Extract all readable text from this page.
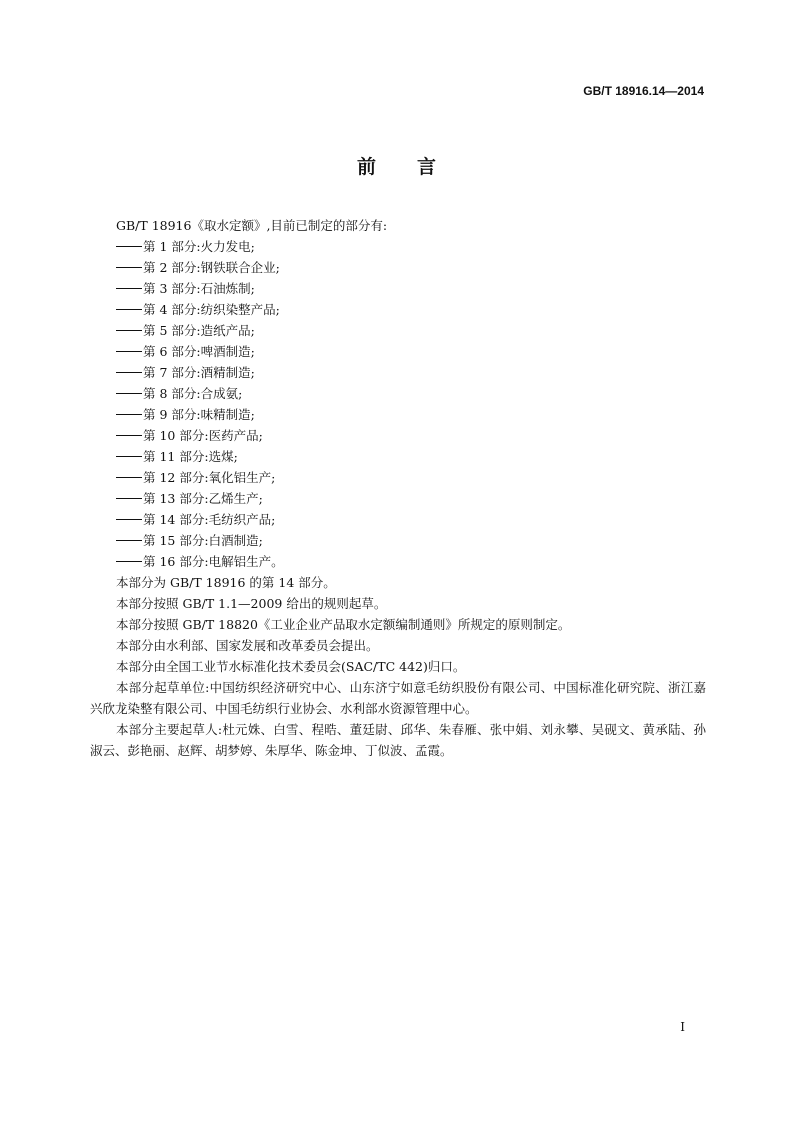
GB/T 18916.14—2014
前 言

GB/T 18916《取水定额》,目前已制定的部分有:

第 1 部分:火力发电;
第 2 部分:钢铁联合企业;
第 3 部分:石油炼制;
第 4 部分:纺织染整产品;
第 5 部分:造纸产品;
第 6 部分:啤酒制造;
第 7 部分:酒精制造;
第 8 部分:合成氨;
第 9 部分:味精制造;
第 10 部分:医药产品;
第 11 部分:选煤;
第 12 部分:氧化铝生产;
第 13 部分:乙烯生产;
第 14 部分:毛纺织产品;
第 15 部分:白酒制造;
第 16 部分:电解铝生产。

本部分为 GB/T 18916 的第 14 部分。

本部分按照 GB/T 1.1—2009 给出的规则起草。

本部分按照 GB/T 18820《工业企业产品取水定额编制通则》所规定的原则制定。

本部分由水利部、国家发展和改革委员会提出。

本部分由全国工业节水标准化技术委员会(SAC/TC 442)归口。

本部分起草单位:中国纺织经济研究中心、山东济宁如意毛纺织股份有限公司、中国标准化研究院、浙江嘉兴欣龙染整有限公司、中国毛纺织行业协会、水利部水资源管理中心。

本部分主要起草人:杜元姝、白雪、程晧、董廷尉、邱华、朱春雁、张中娟、刘永攀、吴砚文、黄承陆、孙淑云、彭艳丽、赵辉、胡梦婷、朱厚华、陈金坤、丁似波、孟霞。

I
